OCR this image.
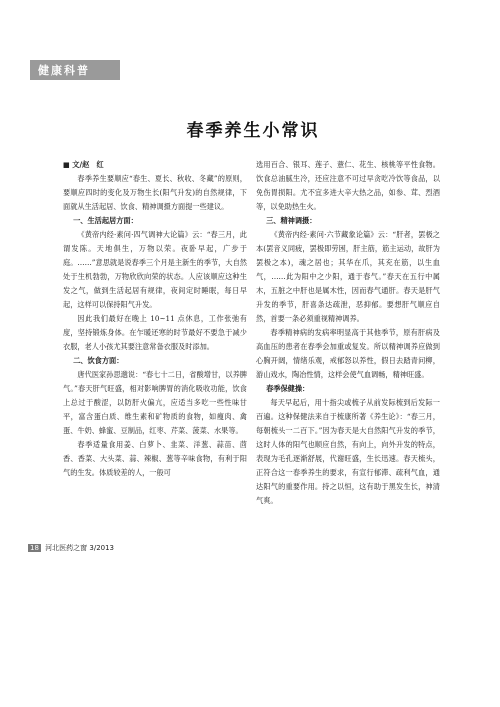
健康科普
春季养生小常识

■ 文/赵　红

春季养生要顺应“春生、夏长、秋收、冬藏”的原则，要顺应四时的变化及万物生长(阳气升发)的自然规律，下面就从生活起居、饮食、精神调摄方面提一些建议。

一、生活起居方面：

《黄帝内经·素问·四气调神大论篇》云：“春三月，此谓发陈。天地俱生，万物以荣。夜卧早起，广步于庭。……”意思就是说春季三个月是主新生的季节，大自然处于生机勃勃，万物欣欣向荣的状态。人应该顺应这种生发之气，做到生活起居有规律，夜间定时睡眠，每日早起，这样可以保持阳气升发。

因此我们最好在晚上 10~11 点休息，工作张弛有度，坚持锻炼身体。在乍暖还寒的时节最好不要急于减少衣服，老人小孩尤其要注意常备衣服及时添加。

二、饮食方面：

唐代医家孙思邈说：“春七十二日，省酸增甘，以养脾气。”春天肝气旺盛，相对影响脾胃的消化吸收功能，饮食上总过于酸涩，以防肝火偏亢，应适当多吃一些性味甘平，富含蛋白质、维生素和矿物质的食物，如瘦肉、禽蛋、牛奶、蜂蜜、豆制品，红枣、芹菜、菠菜、水果等。

春季适量食用姜、白萝卜、韭菜、洋葱、蒜苗、茴香、香菜、大头菜、蒜、辣椒、葱等辛味食物，有利于阳气的生发。体质较差的人，一般可

选用百合、银耳、莲子、薏仁、花生、核桃等平性食物。饮食总油腻生冷，还应注意不可过早贪吃冷饮等食品，以免伤胃损阳。尤不宜多进大辛大热之品，如参、茸、烈酒等，以免助热生火。

三、精神调摄：

《黄帝内经·素问·六节藏象论篇》云：“肝者，罢极之本(罢音义同疲，罢极即劳困，肝主筋，筋主运动，故肝为罢极之本)，魂之居也；其华在爪，其充在筋，以生血气，……此为阳中之少阳，通于春气。”春天在五行中属木，五脏之中肝也是属木性，因而春气通肝。春天是肝气升发的季节，肝喜条达疏泄，恶抑郁。要想肝气顺应自然，首要一条必须重视精神调养。

春季精神病的发病率明显高于其他季节，原有肝病及高血压的患者在春季会加重或复发。所以精神调养应做到心胸开阔，情绪乐观，戒郁怒以养性，假日去踏青问柳，游山戏水，陶冶性情，这样会使气血调畅，精神旺盛。

春季保健操：

每天早起后，用十指尖或梳子从前发际梳到后发际一百遍。这种保健法来自于梳康所著《养生论》：“春三月，每朝梳头一二百下。”因为春天是大自然阳气升发的季节，这时人体的阳气也顺应自然，有向上，向外升发的特点，表现为毛孔逐渐舒展，代谢旺盛，生长迅速。春天梳头，正符合这一春季养生的要求，有宣行郁滞、疏利气血，通达阳气的重要作用。持之以恒，这有助于黑发生长，神清气爽。

18 河北医药之窗 3/2013
